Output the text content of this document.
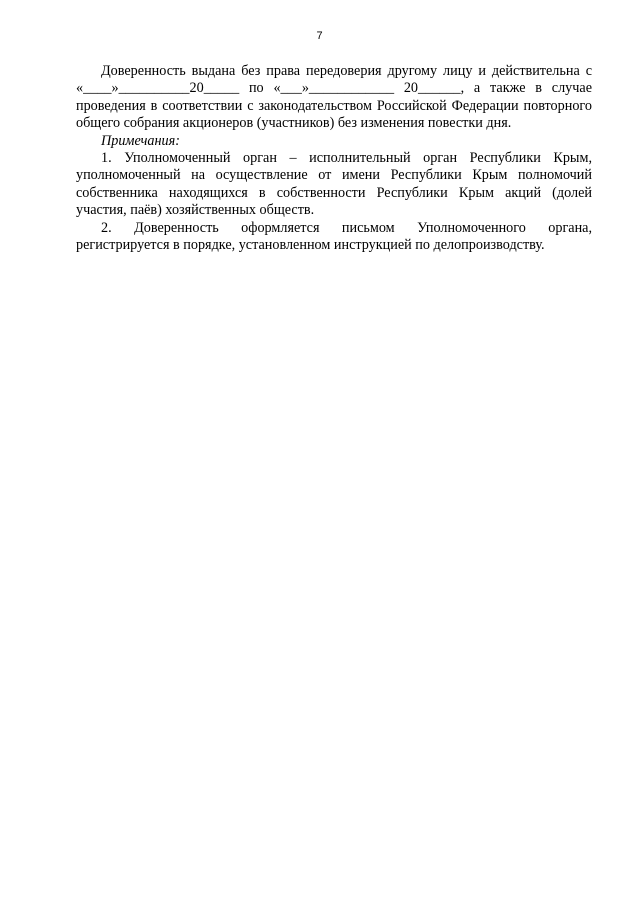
7

Доверенность выдана без права передоверия другому лицу и действительна с «____»__________20_____ по «___»____________ 20______, а также в случае проведения в соответствии с законодательством Российской Федерации повторного общего собрания акционеров (участников) без изменения повестки дня.

Примечания:

1. Уполномоченный орган – исполнительный орган Республики Крым, уполномоченный на осуществление от имени Республики Крым полномочий собственника находящихся в собственности Республики Крым акций (долей участия, паёв) хозяйственных обществ.

2. Доверенность оформляется письмом Уполномоченного органа, регистрируется в порядке, установленном инструкцией по делопроизводству.
